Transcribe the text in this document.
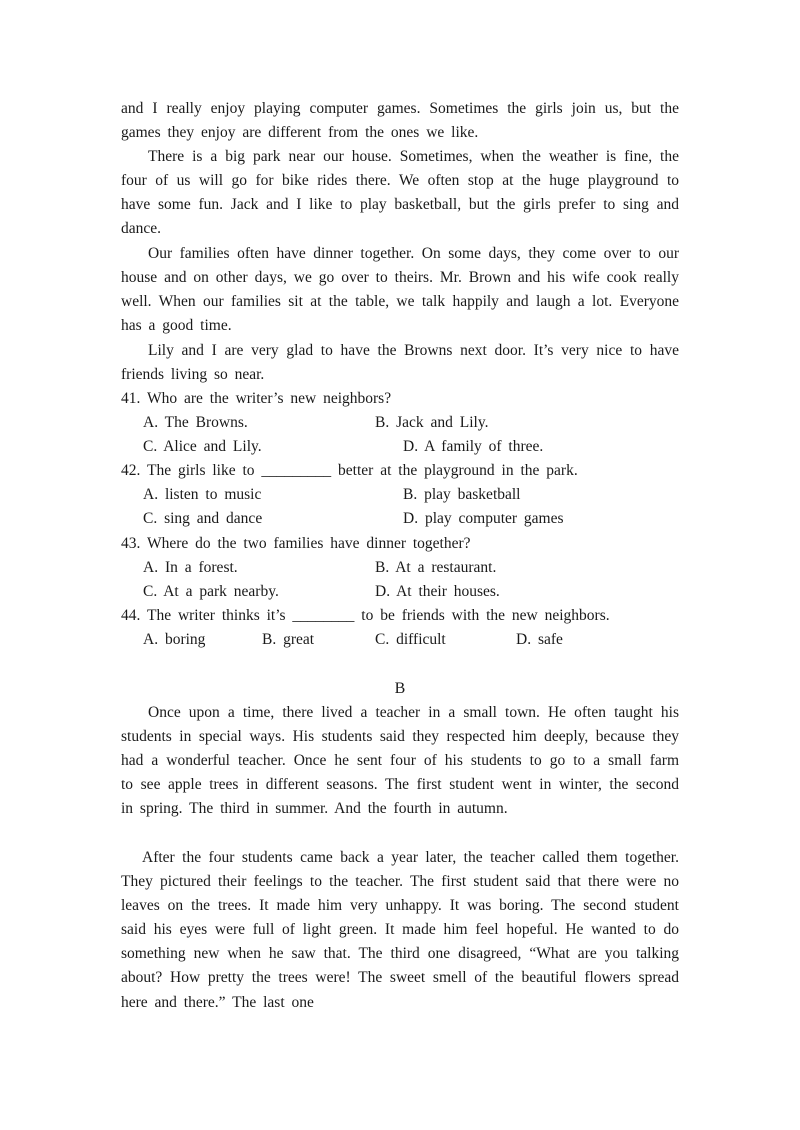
and I really enjoy playing computer games. Sometimes the girls join us, but the games they enjoy are different from the ones we like.

There is a big park near our house. Sometimes, when the weather is fine, the four of us will go for bike rides there. We often stop at the huge playground to have some fun. Jack and I like to play basketball, but the girls prefer to sing and dance.

Our families often have dinner together. On some days, they come over to our house and on other days, we go over to theirs. Mr. Brown and his wife cook really well. When our families sit at the table, we talk happily and laugh a lot. Everyone has a good time.

Lily and I are very glad to have the Browns next door. It’s very nice to have friends living so near.

41. Who are the writer’s new neighbors?
A. The Browns.	B. Jack and Lily.
C. Alice and Lily.	D. A family of three.
42. The girls like to _________ better at the playground in the park.
A. listen to music	B. play basketball
C. sing and dance	D. play computer games
43. Where do the two families have dinner together?
A. In a forest.	B. At a restaurant.
C. At a park nearby.	D. At their houses.
44. The writer thinks it’s ________ to be friends with the new neighbors.
A. boring	B. great	C. difficult	D. safe
B

Once upon a time, there lived a teacher in a small town. He often taught his students in special ways. His students said they respected him deeply, because they had a wonderful teacher. Once he sent four of his students to go to a small farm to see apple trees in different seasons. The first student went in winter, the second in spring. The third in summer. And the fourth in autumn.

After the four students came back a year later, the teacher called them together. They pictured their feelings to the teacher. The first student said that there were no leaves on the trees. It made him very unhappy. It was boring. The second student said his eyes were full of light green. It made him feel hopeful. He wanted to do something new when he saw that. The third one disagreed, “What are you talking about? How pretty the trees were! The sweet smell of the beautiful flowers spread here and there.” The last one
